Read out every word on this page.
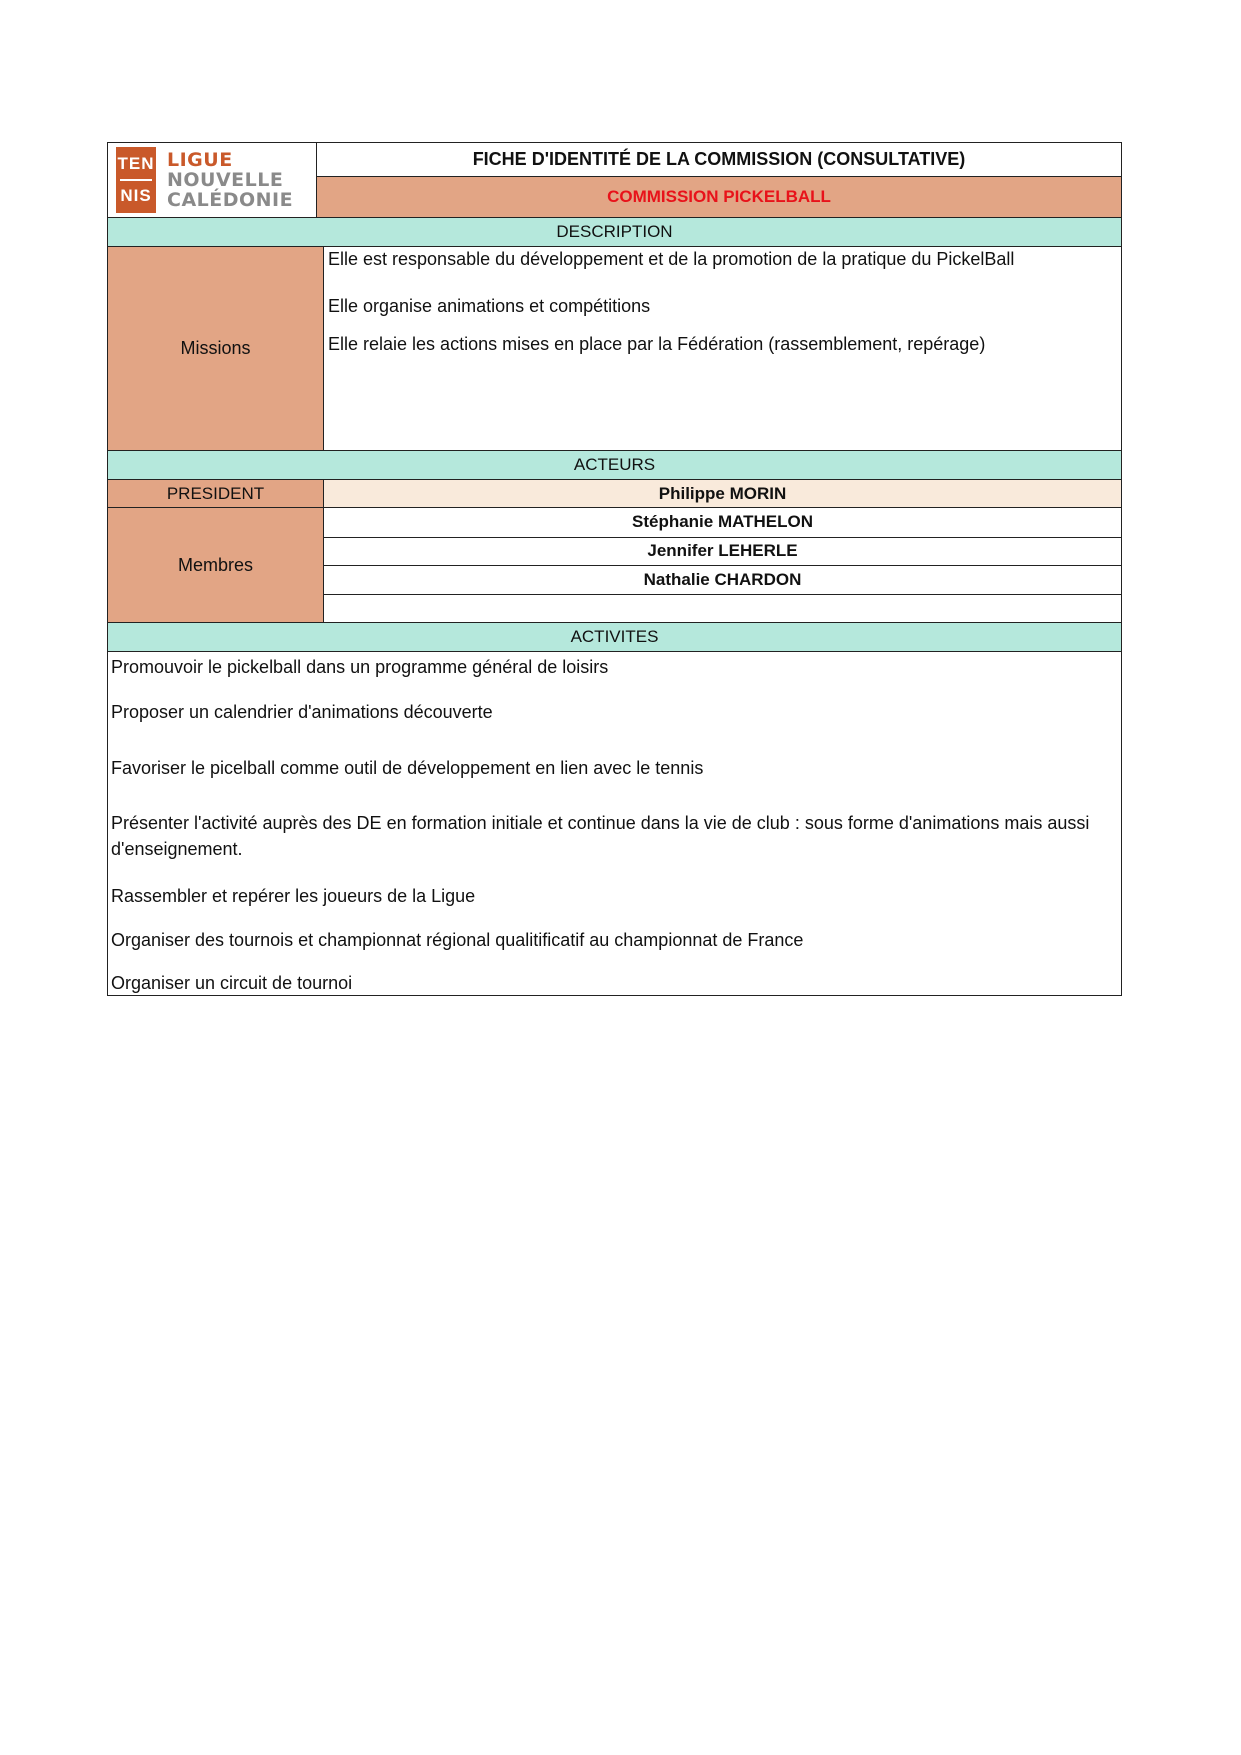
TEN
NIS
LIGUE
NOUVELLE
CALÉDONIE
FICHE D'IDENTITÉ DE LA COMMISSION (CONSULTATIVE)
COMMISSION PICKELBALL
DESCRIPTION
Missions
Elle est responsable du développement et de la promotion de la pratique du PickelBall
Elle organise animations et compétitions
Elle relaie les actions mises en place par la Fédération (rassemblement, repérage)
ACTEURS
PRESIDENT	Philippe MORIN
Membres
Stéphanie MATHELON
Jennifer LEHERLE
Nathalie CHARDON
ACTIVITES
Promouvoir le pickelball dans un programme général de loisirs
Proposer un calendrier d'animations découverte
Favoriser le picelball comme outil de développement en lien avec le tennis
Présenter l'activité auprès des DE en formation initiale et continue dans la vie de club : sous forme d'animations mais aussi d'enseignement.
Rassembler et repérer les joueurs de la Ligue
Organiser des tournois et championnat régional qualitificatif au championnat de France
Organiser un circuit de tournoi
